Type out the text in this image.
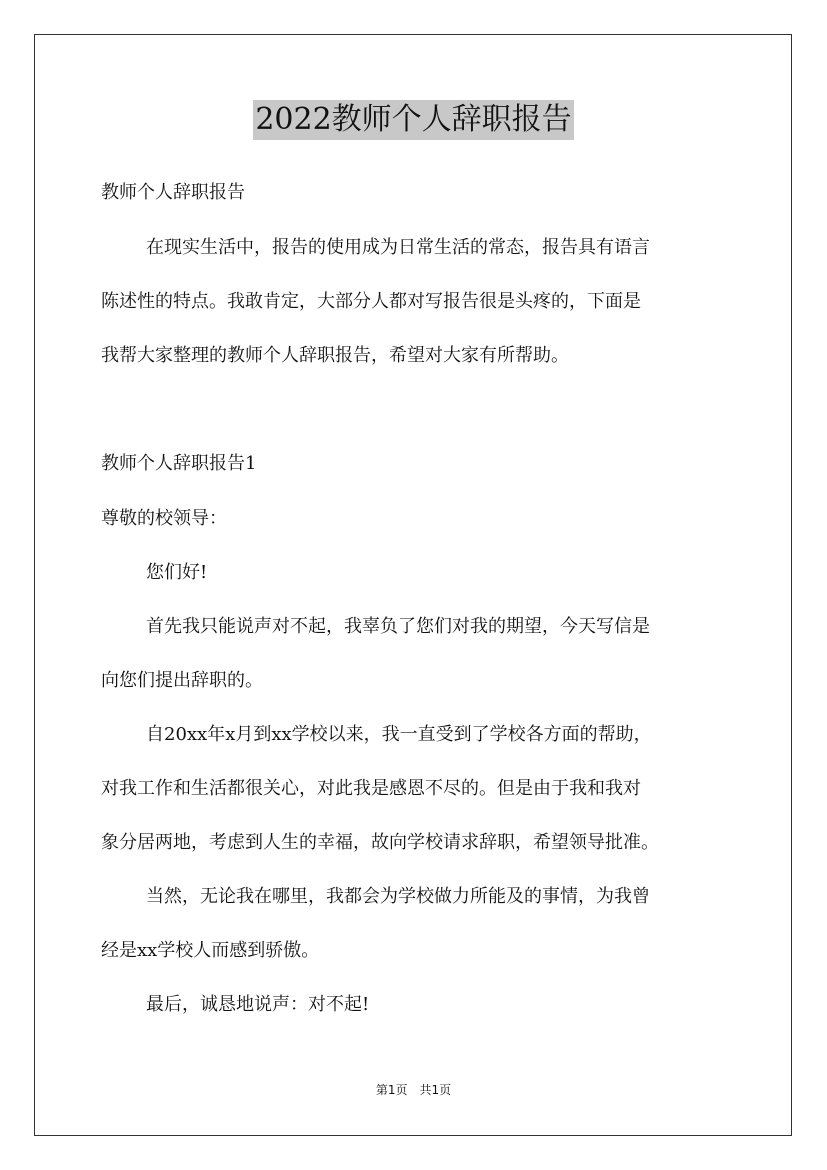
2022教师个人辞职报告
教师个人辞职报告
在现实生活中，报告的使用成为日常生活的常态，报告具有语言
陈述性的特点。我敢肯定，大部分人都对写报告很是头疼的，下面是
我帮大家整理的教师个人辞职报告，希望对大家有所帮助。
教师个人辞职报告1
尊敬的校领导：
您们好!
首先我只能说声对不起，我辜负了您们对我的期望，今天写信是
向您们提出辞职的。
自20xx年x月到xx学校以来，我一直受到了学校各方面的帮助，
对我工作和生活都很关心，对此我是感恩不尽的。但是由于我和我对
象分居两地，考虑到人生的幸福，故向学校请求辞职，希望领导批准。
当然，无论我在哪里，我都会为学校做力所能及的事情，为我曾
经是xx学校人而感到骄傲。
最后，诚恳地说声：对不起!
第1页 共1页
